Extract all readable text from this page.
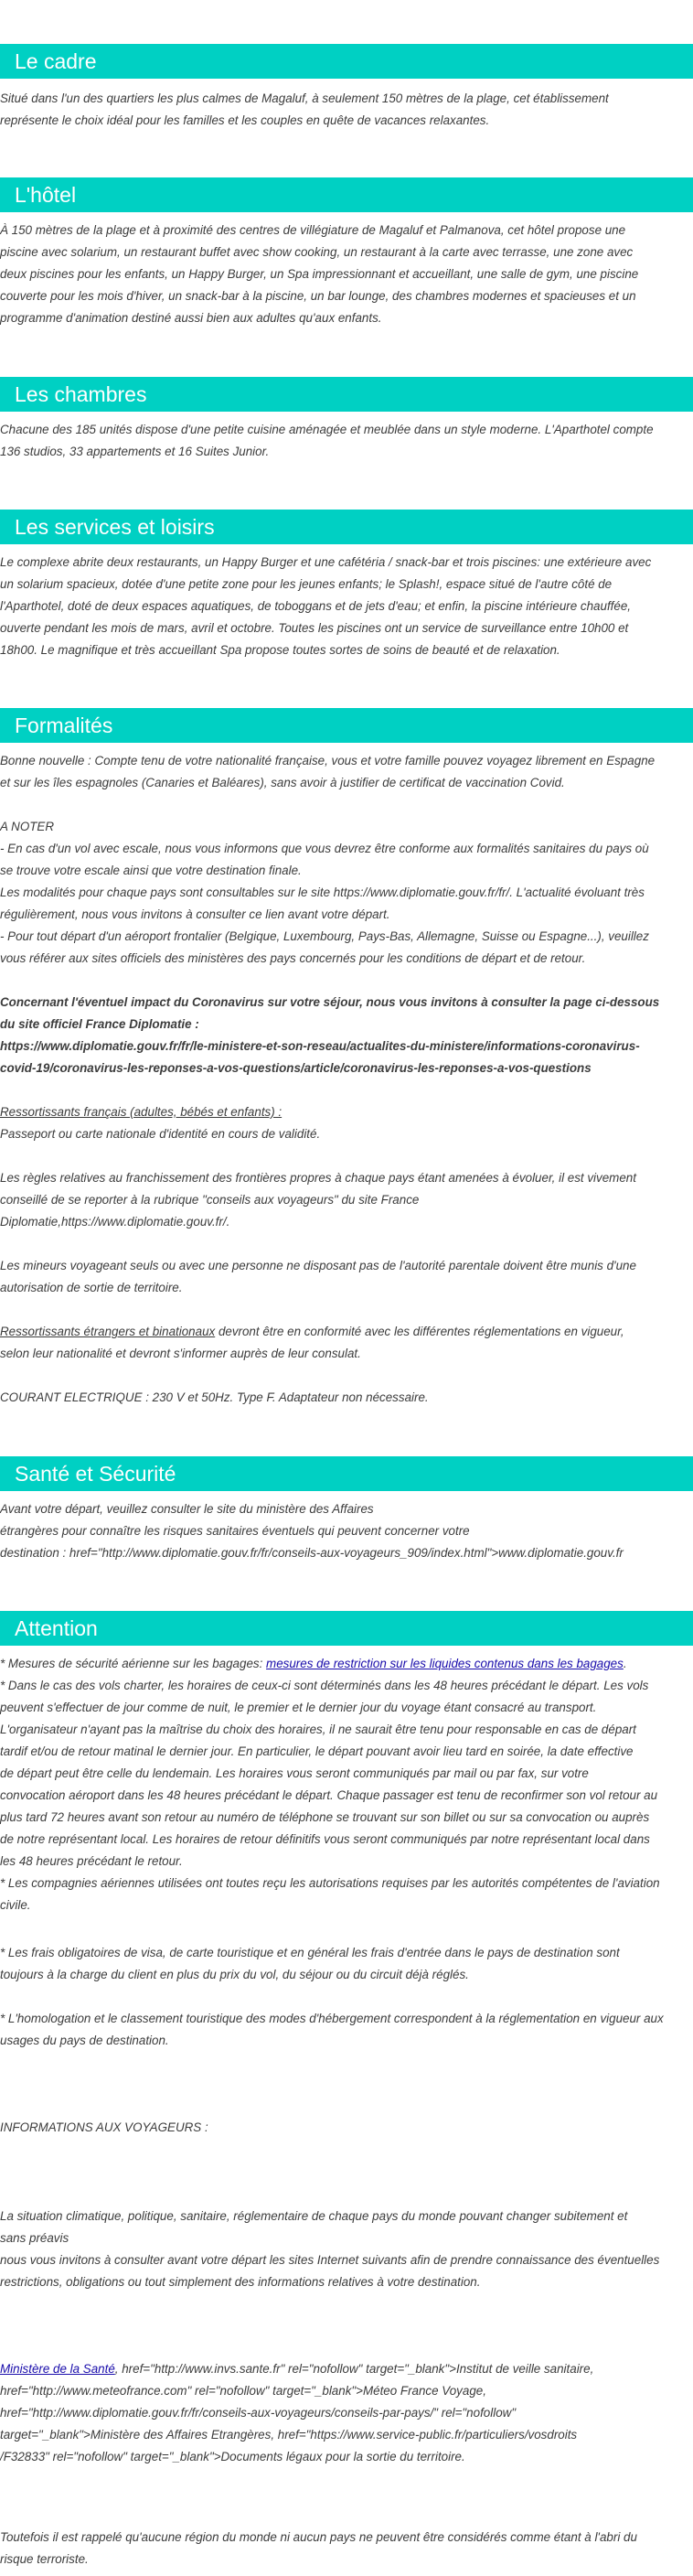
Le cadre

Situé dans l'un des quartiers les plus calmes de Magaluf, à seulement 150 mètres de la plage, cet établissement

représente le choix idéal pour les familles et les couples en quête de vacances relaxantes.

L'hôtel

À 150 mètres de la plage et à proximité des centres de villégiature de Magaluf et Palmanova, cet hôtel propose une

piscine avec solarium, un restaurant buffet avec show cooking, un restaurant à la carte avec terrasse, une zone avec

deux piscines pour les enfants, un Happy Burger, un Spa impressionnant et accueillant, une salle de gym, une piscine

couverte pour les mois d'hiver, un snack-bar à la piscine, un bar lounge, des chambres modernes et spacieuses et un

programme d'animation destiné aussi bien aux adultes qu'aux enfants.

Les chambres

Chacune des 185 unités dispose d'une petite cuisine aménagée et meublée dans un style moderne. L'Aparthotel compte

136 studios, 33 appartements et 16 Suites Junior.

Les services et loisirs

Le complexe abrite deux restaurants, un Happy Burger et une cafétéria / snack-bar et trois piscines: une extérieure avec

un solarium spacieux, dotée d'une petite zone pour les jeunes enfants; le Splash!, espace situé de l'autre côté de

l'Aparthotel, doté de deux espaces aquatiques, de toboggans et de jets d'eau; et enfin, la piscine intérieure chauffée,

ouverte pendant les mois de mars, avril et octobre. Toutes les piscines ont un service de surveillance entre 10h00 et

18h00. Le magnifique et très accueillant Spa propose toutes sortes de soins de beauté et de relaxation.

Formalités

Bonne nouvelle : Compte tenu de votre nationalité française, vous et votre famille pouvez voyagez librement en Espagne

et sur les îles espagnoles (Canaries et Baléares), sans avoir à justifier de certificat de vaccination Covid.

A NOTER

- En cas d'un vol avec escale, nous vous informons que vous devrez être conforme aux formalités sanitaires du pays où

se trouve votre escale ainsi que votre destination finale.

Les modalités pour chaque pays sont consultables sur le site https://www.diplomatie.gouv.fr/fr/. L'actualité évoluant très

régulièrement, nous vous invitons à consulter ce lien avant votre départ.

- Pour tout départ d'un aéroport frontalier (Belgique, Luxembourg, Pays-Bas, Allemagne, Suisse ou Espagne...), veuillez

vous référer aux sites officiels des ministères des pays concernés pour les conditions de départ et de retour.

Concernant l'éventuel impact du Coronavirus sur votre séjour, nous vous invitons à consulter la page ci-dessous

du site officiel France Diplomatie :

https://www.diplomatie.gouv.fr/fr/le-ministere-et-son-reseau/actualites-du-ministere/informations-coronavirus-

covid-19/coronavirus-les-reponses-a-vos-questions/article/coronavirus-les-reponses-a-vos-questions

Ressortissants français (adultes, bébés et enfants) :

Passeport ou carte nationale d'identité en cours de validité.

Les règles relatives au franchissement des frontières propres à chaque pays étant amenées à évoluer, il est vivement

conseillé de se reporter à la rubrique "conseils aux voyageurs" du site France

Diplomatie,https://www.diplomatie.gouv.fr/.

Les mineurs voyageant seuls ou avec une personne ne disposant pas de l'autorité parentale doivent être munis d'une

autorisation de sortie de territoire.

Ressortissants étrangers et binationaux devront être en conformité avec les différentes réglementations en vigueur,

selon leur nationalité et devront s'informer auprès de leur consulat.

COURANT ELECTRIQUE : 230 V et 50Hz. Type F. Adaptateur non nécessaire.

Santé et Sécurité

Avant votre départ, veuillez consulter le site du ministère des Affaires

étrangères pour connaître les risques sanitaires éventuels qui peuvent concerner votre

destination : href="http://www.diplomatie.gouv.fr/fr/conseils-aux-voyageurs_909/index.html">www.diplomatie.gouv.fr

Attention

* Mesures de sécurité aérienne sur les bagages: mesures de restriction sur les liquides contenus dans les bagages.

* Dans le cas des vols charter, les horaires de ceux-ci sont déterminés dans les 48 heures précédant le départ. Les vols

peuvent s'effectuer de jour comme de nuit, le premier et le dernier jour du voyage étant consacré au transport.

L'organisateur n'ayant pas la maîtrise du choix des horaires, il ne saurait être tenu pour responsable en cas de départ

tardif et/ou de retour matinal le dernier jour. En particulier, le départ pouvant avoir lieu tard en soirée, la date effective

de départ peut être celle du lendemain. Les horaires vous seront communiqués par mail ou par fax, sur votre

convocation aéroport dans les 48 heures précédant le départ. Chaque passager est tenu de reconfirmer son vol retour au

plus tard 72 heures avant son retour au numéro de téléphone se trouvant sur son billet ou sur sa convocation ou auprès

de notre représentant local. Les horaires de retour définitifs vous seront communiqués par notre représentant local dans

les 48 heures précédant le retour.

* Les compagnies aériennes utilisées ont toutes reçu les autorisations requises par les autorités compétentes de l'aviation

civile.

* Les frais obligatoires de visa, de carte touristique et en général les frais d'entrée dans le pays de destination sont

toujours à la charge du client en plus du prix du vol, du séjour ou du circuit déjà réglés.

* L'homologation et le classement touristique des modes d'hébergement correspondent à la réglementation en vigueur aux

usages du pays de destination.

INFORMATIONS AUX VOYAGEURS :

La situation climatique, politique, sanitaire, réglementaire de chaque pays du monde pouvant changer subitement et

sans préavis

nous vous invitons à consulter avant votre départ les sites Internet suivants afin de prendre connaissance des éventuelles

restrictions, obligations ou tout simplement des informations relatives à votre destination.

Ministère de la Santé, href="http://www.invs.sante.fr" rel="nofollow" target="_blank">Institut de veille sanitaire,

href="http://www.meteofrance.com" rel="nofollow" target="_blank">Méteo France Voyage,

href="http://www.diplomatie.gouv.fr/fr/conseils-aux-voyageurs/conseils-par-pays/" rel="nofollow"

target="_blank">Ministère des Affaires Etrangères, href="https://www.service-public.fr/particuliers/vosdroits

/F32833" rel="nofollow" target="_blank">Documents légaux pour la sortie du territoire.

Toutefois il est rappelé qu'aucune région du monde ni aucun pays ne peuvent être considérés comme étant à l'abri du

risque terroriste.
